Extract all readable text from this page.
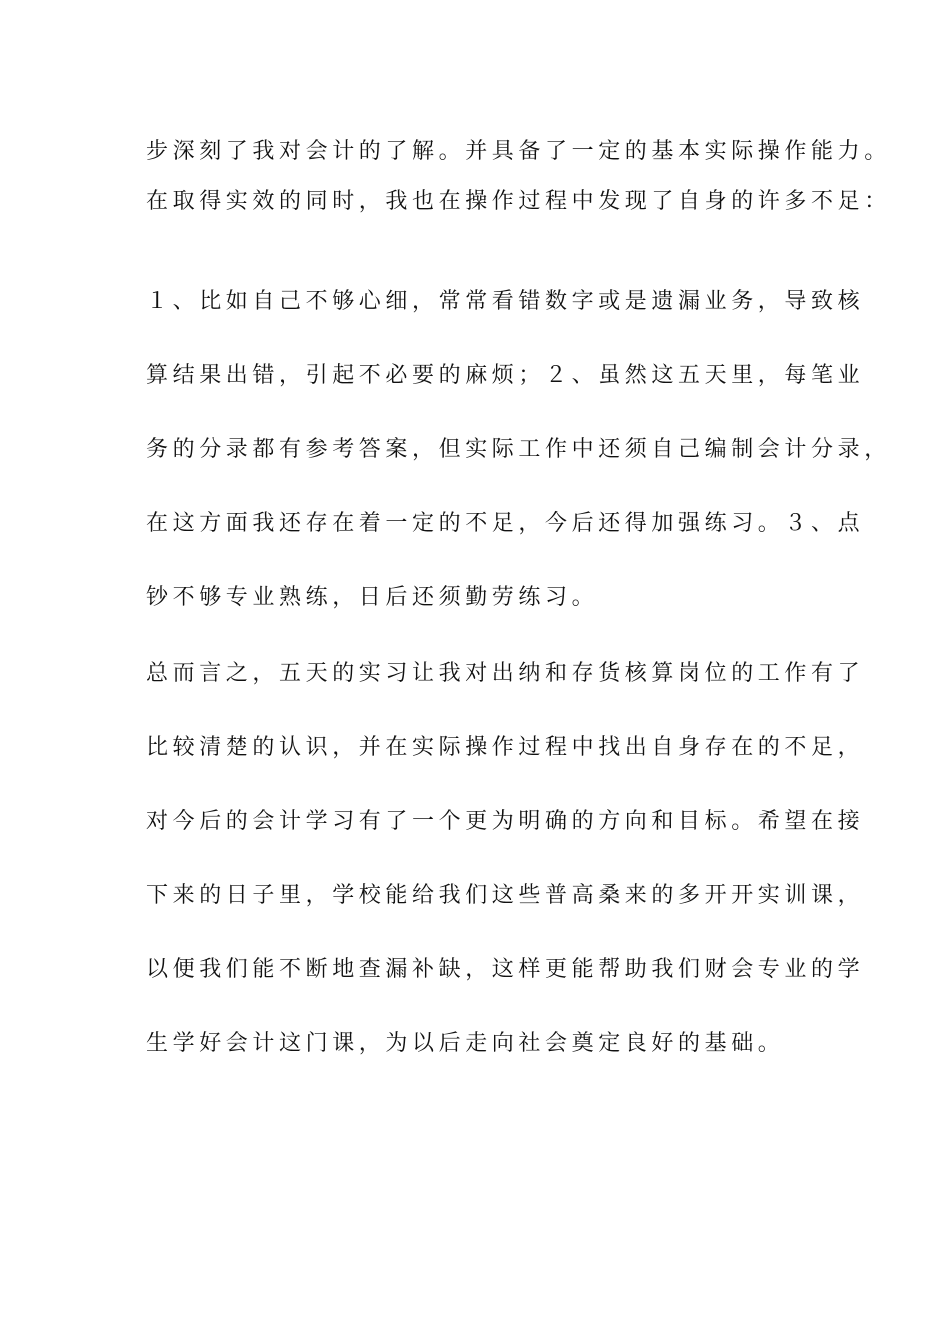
步深刻了我对会计的了解。并具备了一定的基本实际操作能力。
在取得实效的同时，我也在操作过程中发现了自身的许多不足：
１、比如自己不够心细，常常看错数字或是遗漏业务，导致核
算结果出错，引起不必要的麻烦；２、虽然这五天里，每笔业
务的分录都有参考答案，但实际工作中还须自己编制会计分录，
在这方面我还存在着一定的不足，今后还得加强练习。３、点
钞不够专业熟练，日后还须勤劳练习。
总而言之，五天的实习让我对出纳和存货核算岗位的工作有了
比较清楚的认识，并在实际操作过程中找出自身存在的不足，
对今后的会计学习有了一个更为明确的方向和目标。希望在接
下来的日子里，学校能给我们这些普高桑来的多开开实训课，
以便我们能不断地查漏补缺，这样更能帮助我们财会专业的学
生学好会计这门课，为以后走向社会奠定良好的基础。
